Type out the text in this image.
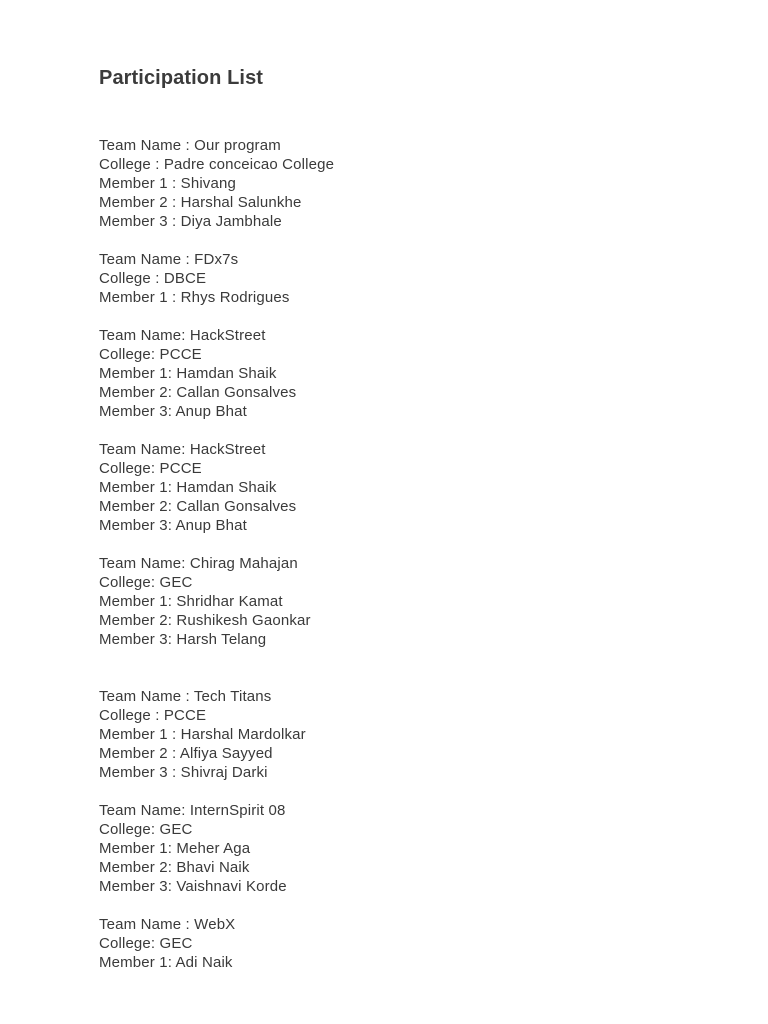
Participation List
Team Name : Our program
College : Padre conceicao College
Member 1 : Shivang
Member 2 : Harshal Salunkhe
Member 3 : Diya Jambhale
Team Name : FDx7s
College : DBCE
Member 1 : Rhys Rodrigues
Team Name: HackStreet
College: PCCE
Member 1: Hamdan Shaik
Member 2: Callan Gonsalves
Member 3: Anup Bhat
Team Name: HackStreet
College: PCCE
Member 1: Hamdan Shaik
Member 2: Callan Gonsalves
Member 3: Anup Bhat
Team Name: Chirag Mahajan
College: GEC
Member 1: Shridhar Kamat
Member 2: Rushikesh Gaonkar
Member 3: Harsh Telang
Team Name : Tech Titans
College : PCCE
Member 1 : Harshal Mardolkar
Member 2 : Alfiya Sayyed
Member 3 : Shivraj Darki
Team Name: InternSpirit 08
College: GEC
Member 1: Meher Aga
Member 2: Bhavi Naik
Member 3: Vaishnavi Korde
Team Name : WebX
College: GEC
Member 1: Adi Naik
